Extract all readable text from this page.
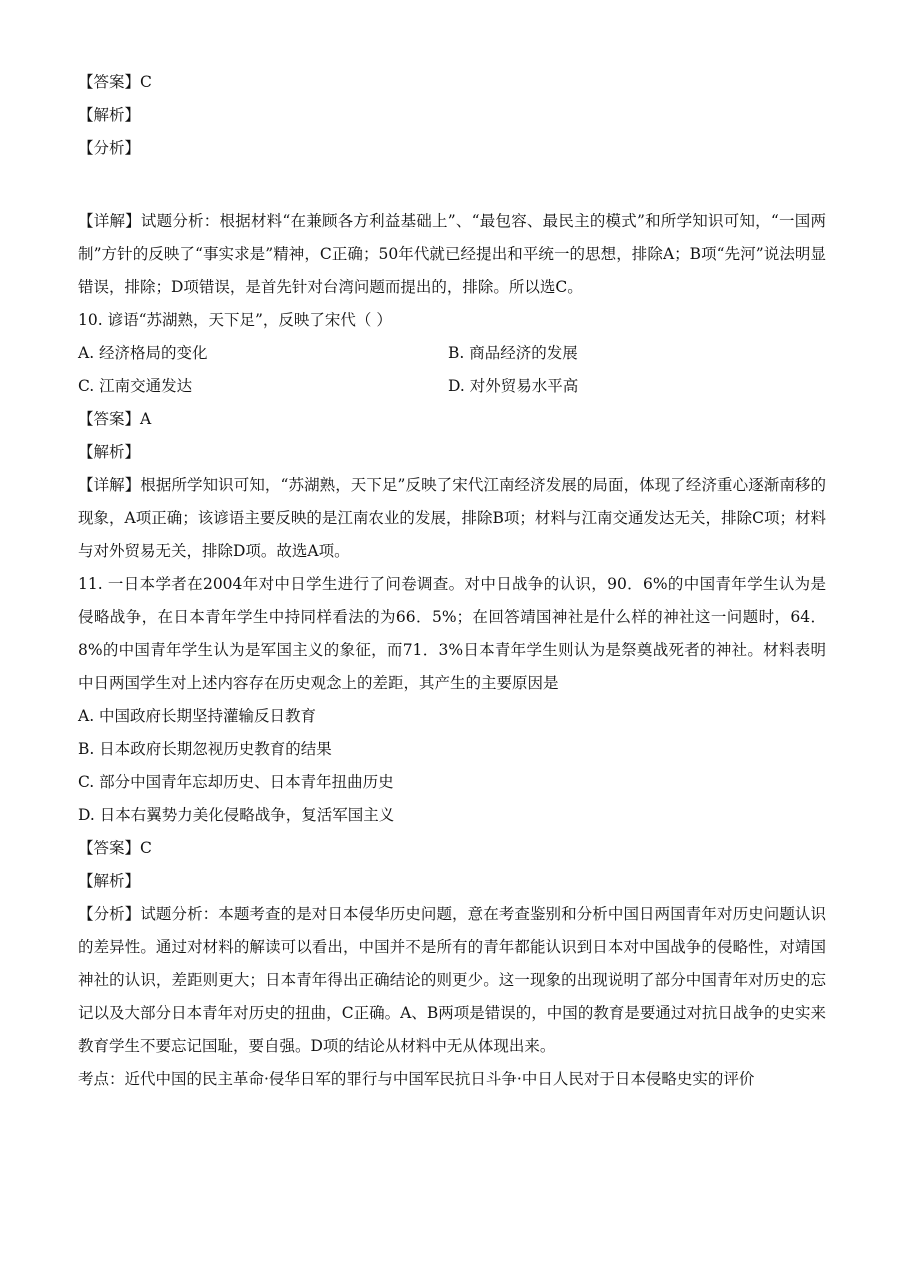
【答案】C
【解析】
【分析】
【详解】试题分析：根据材料“在兼顾各方利益基础上”、“最包容、最民主的模式”和所学知识可知，“一国两制”方针的反映了“事实求是”精神，C正确；50年代就已经提出和平统一的思想，排除A；B项“先河”说法明显错误，排除；D项错误，是首先针对台湾问题而提出的，排除。所以选C。
10. 谚语“苏湖熟，天下足”，反映了宋代（ ）
A. 经济格局的变化	B. 商品经济的发展
C. 江南交通发达	D. 对外贸易水平高
【答案】A
【解析】
【详解】根据所学知识可知，“苏湖熟，天下足”反映了宋代江南经济发展的局面，体现了经济重心逐渐南移的现象，A项正确；该谚语主要反映的是江南农业的发展，排除B项；材料与江南交通发达无关，排除C项；材料与对外贸易无关，排除D项。故选A项。
11. 一日本学者在2004年对中日学生进行了问卷调查。对中日战争的认识，90．6%的中国青年学生认为是侵略战争，在日本青年学生中持同样看法的为66．5%；在回答靖国神社是什么样的神社这一问题时，64．8%的中国青年学生认为是军国主义的象征，而71．3%日本青年学生则认为是祭奠战死者的神社。材料表明中日两国学生对上述内容存在历史观念上的差距，其产生的主要原因是
A. 中国政府长期坚持灌输反日教育
B. 日本政府长期忽视历史教育的结果
C. 部分中国青年忘却历史、日本青年扭曲历史
D. 日本右翼势力美化侵略战争，复活军国主义
【答案】C
【解析】
【分析】试题分析：本题考查的是对日本侵华历史问题，意在考查鉴别和分析中国日两国青年对历史问题认识的差异性。通过对材料的解读可以看出，中国并不是所有的青年都能认识到日本对中国战争的侵略性，对靖国神社的认识，差距则更大；日本青年得出正确结论的则更少。这一现象的出现说明了部分中国青年对历史的忘记以及大部分日本青年对历史的扭曲，C正确。A、B两项是错误的，中国的教育是要通过对抗日战争的史实来教育学生不要忘记国耻，要自强。D项的结论从材料中无从体现出来。
考点：近代中国的民主革命·侵华日军的罪行与中国军民抗日斗争·中日人民对于日本侵略史实的评价
